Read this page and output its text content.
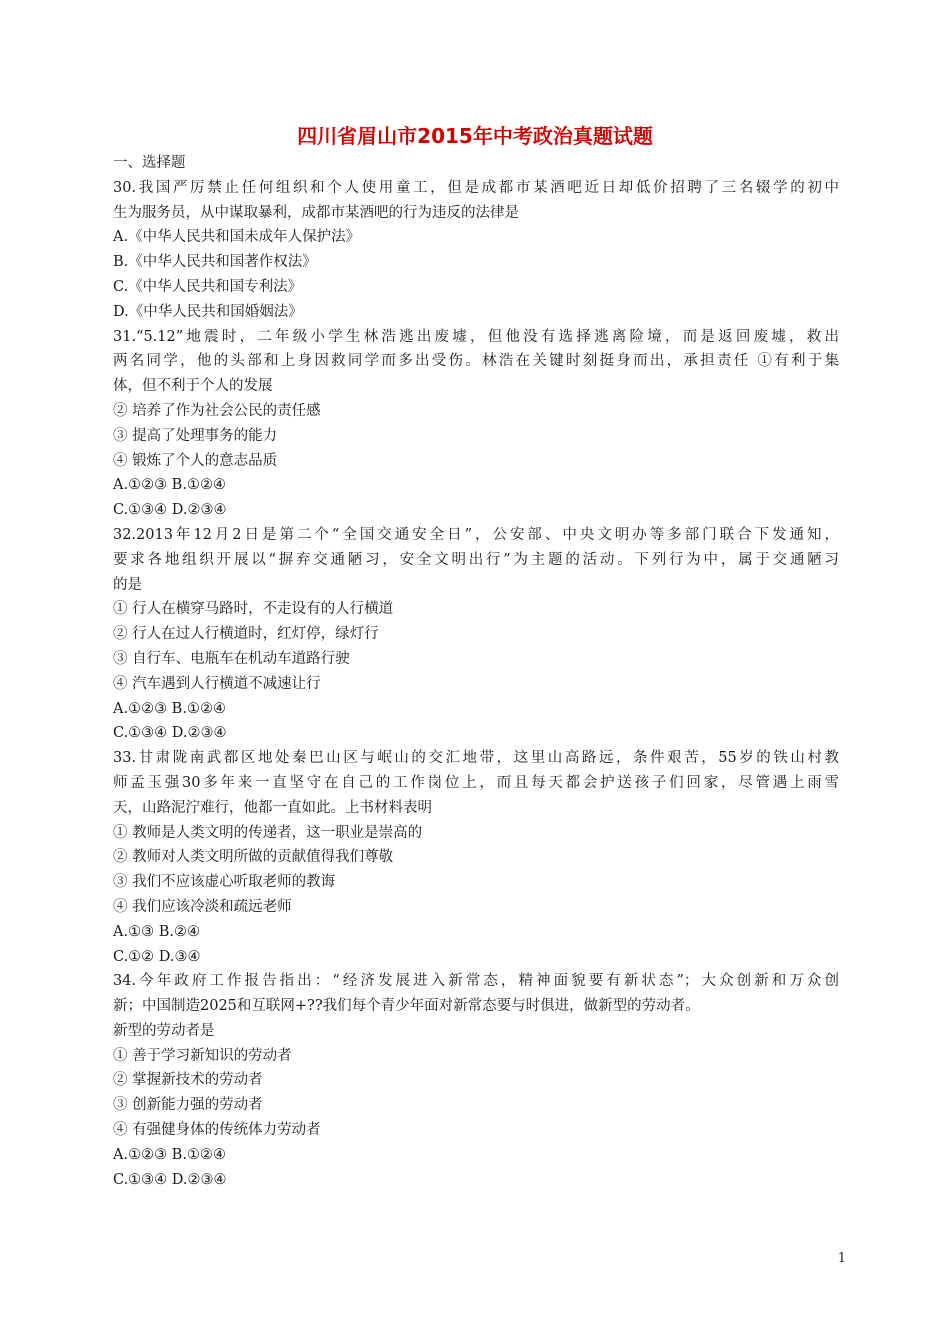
四川省眉山市2015年中考政治真题试题
一、选择题
30.我国严厉禁止任何组织和个人使用童工，但是成都市某酒吧近日却低价招聘了三名辍学的初中
生为服务员，从中谋取暴利，成都市某酒吧的行为违反的法律是
A.《中华人民共和国未成年人保护法》
B.《中华人民共和国著作权法》
C.《中华人民共和国专利法》
D.《中华人民共和国婚姻法》
31.“5.12”地震时，二年级小学生林浩逃出废墟，但他没有选择逃离险境，而是返回废墟，救出
两名同学，他的头部和上身因救同学而多出受伤。林浩在关键时刻挺身而出，承担责任 ①有利于集
体，但不利于个人的发展
② 培养了作为社会公民的责任感
③ 提高了处理事务的能力
④ 锻炼了个人的意志品质
A.①②③ B.①②④
C.①③④ D.②③④
32.2013年12月2日是第二个“全国交通安全日”，公安部、中央文明办等多部门联合下发通知，
要求各地组织开展以“摒弃交通陋习，安全文明出行”为主题的活动。下列行为中，属于交通陋习
的是
① 行人在横穿马路时，不走设有的人行横道
② 行人在过人行横道时，红灯停，绿灯行
③ 自行车、电瓶车在机动车道路行驶
④ 汽车遇到人行横道不减速让行
A.①②③ B.①②④
C.①③④ D.②③④
33.甘肃陇南武都区地处秦巴山区与岷山的交汇地带，这里山高路远，条件艰苦，55岁的铁山村教
师孟玉强30多年来一直坚守在自己的工作岗位上，而且每天都会护送孩子们回家，尽管遇上雨雪
天，山路泥泞难行，他都一直如此。上书材料表明
① 教师是人类文明的传递者，这一职业是崇高的
② 教师对人类文明所做的贡献值得我们尊敬
③ 我们不应该虚心听取老师的教诲
④ 我们应该冷淡和疏远老师
A.①③ B.②④
C.①② D.③④
34.今年政府工作报告指出：“经济发展进入新常态，精神面貌要有新状态”；大众创新和万众创
新；中国制造2025和互联网+??我们每个青少年面对新常态要与时俱进，做新型的劳动者。
新型的劳动者是
① 善于学习新知识的劳动者
② 掌握新技术的劳动者
③ 创新能力强的劳动者
④ 有强健身体的传统体力劳动者
A.①②③ B.①②④
C.①③④ D.②③④
1
